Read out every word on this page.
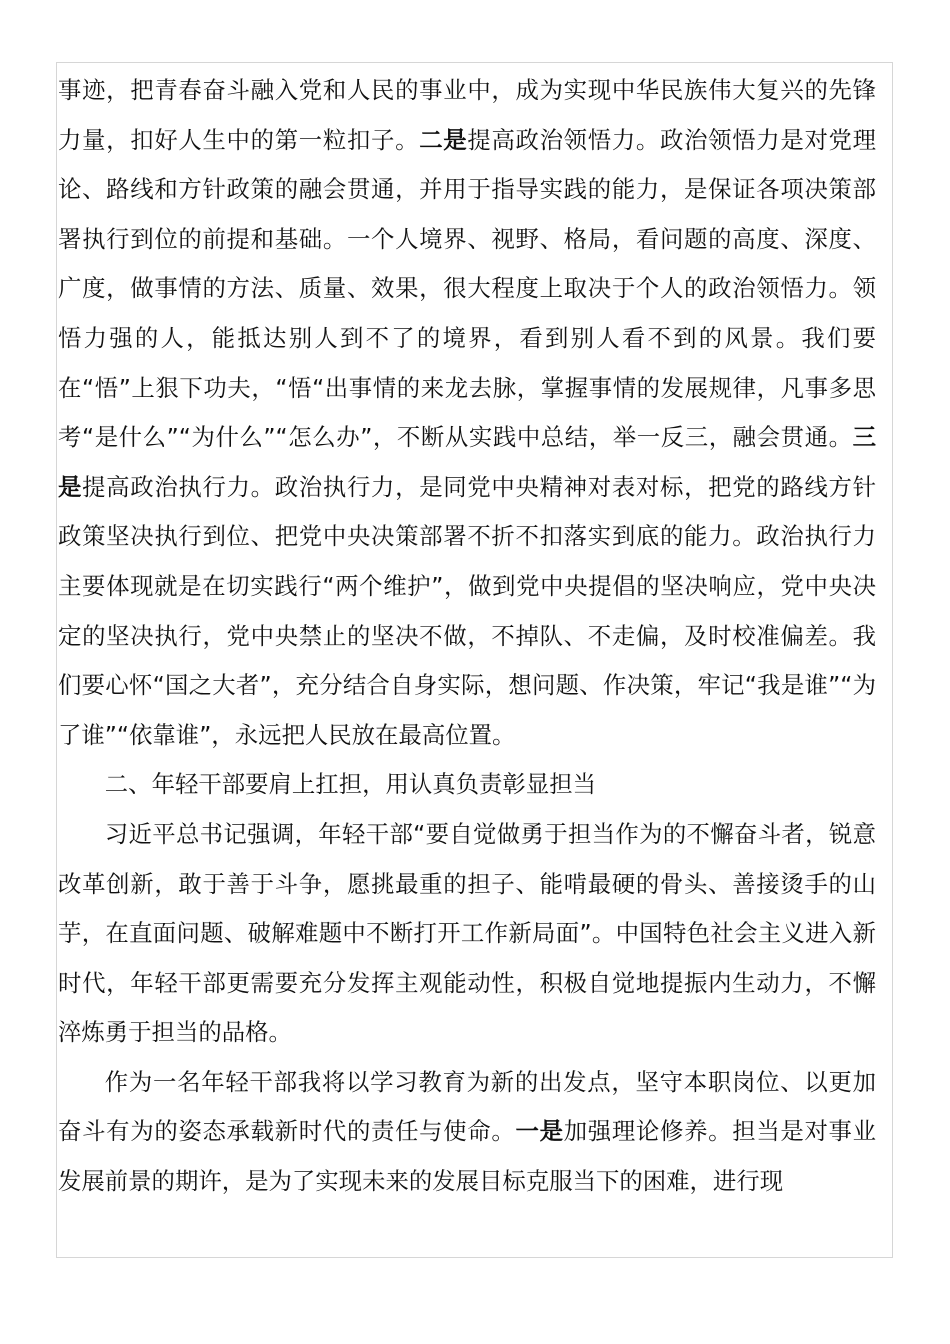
事迹，把青春奋斗融入党和人民的事业中，成为实现中华民族伟大复兴的先锋力量，扣好人生中的第一粒扣子。二是提高政治领悟力。政治领悟力是对党理论、路线和方针政策的融会贯通，并用于指导实践的能力，是保证各项决策部署执行到位的前提和基础。一个人境界、视野、格局，看问题的高度、深度、广度，做事情的方法、质量、效果，很大程度上取决于个人的政治领悟力。领悟力强的人，能抵达别人到不了的境界，看到别人看不到的风景。我们要在“悟”上狠下功夫，“悟“出事情的来龙去脉，掌握事情的发展规律，凡事多思考“是什么”“为什么”“怎么办”，不断从实践中总结，举一反三，融会贯通。三是提高政治执行力。政治执行力，是同党中央精神对表对标，把党的路线方针政策坚决执行到位、把党中央决策部署不折不扣落实到底的能力。政治执行力主要体现就是在切实践行“两个维护”，做到党中央提倡的坚决响应，党中央决定的坚决执行，党中央禁止的坚决不做，不掉队、不走偏，及时校准偏差。我们要心怀“国之大者”，充分结合自身实际，想问题、作决策，牢记“我是谁”“为了谁”“依靠谁”，永远把人民放在最高位置。

二、年轻干部要肩上扛担，用认真负责彰显担当

习近平总书记强调，年轻干部“要自觉做勇于担当作为的不懈奋斗者，锐意改革创新，敢于善于斗争，愿挑最重的担子、能啃最硬的骨头、善接烫手的山芋，在直面问题、破解难题中不断打开工作新局面”。中国特色社会主义进入新时代，年轻干部更需要充分发挥主观能动性，积极自觉地提振内生动力，不懈淬炼勇于担当的品格。

作为一名年轻干部我将以学习教育为新的出发点，坚守本职岗位、以更加奋斗有为的姿态承载新时代的责任与使命。一是加强理论修养。担当是对事业发展前景的期许，是为了实现未来的发展目标克服当下的困难，进行现
